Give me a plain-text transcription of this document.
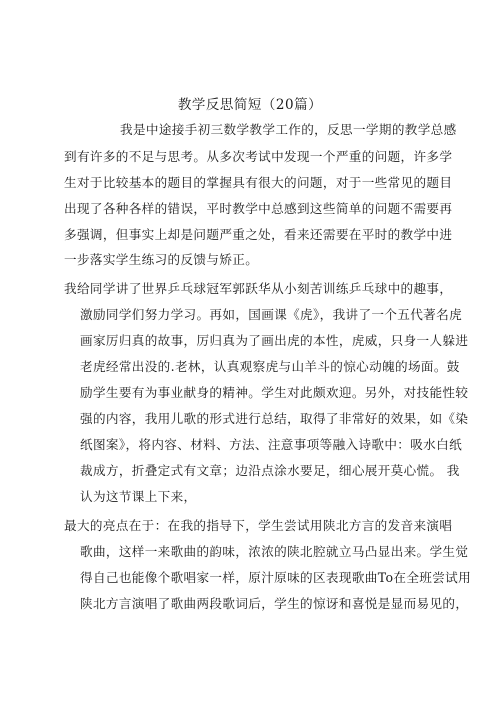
教学反思简短（20篇）
我是中途接手初三数学教学工作的，反思一学期的教学总感
到有许多的不足与思考。从多次考试中发现一个严重的问题，许多学
生对于比较基本的题目的掌握具有很大的问题，对于一些常见的题目
出现了各种各样的错误，平时教学中总感到这些简单的问题不需要再
多强调，但事实上却是问题严重之处，看来还需要在平时的教学中进
一步落实学生练习的反馈与矫正。
我给同学讲了世界乒乓球冠军郭跃华从小刻苦训练乒乓球中的趣事，
激励同学们努力学习。再如，国画课《虎》，我讲了一个五代著名虎
画家厉归真的故事，厉归真为了画出虎的本性，虎威，只身一人躲进
老虎经常出没的.老林，认真观察虎与山羊斗的惊心动魄的场面。鼓
励学生要有为事业献身的精神。学生对此颇欢迎。另外，对技能性较
强的内容，我用儿歌的形式进行总结，取得了非常好的效果，如《染
纸图案》，将内容、材料、方法、注意事项等融入诗歌中：吸水白纸
裁成方，折叠定式有文章；边沿点涂水要足，细心展开莫心慌。 我
认为这节课上下来，
最大的亮点在于：在我的指导下，学生尝试用陕北方言的发音来演唱
歌曲，这样一来歌曲的韵味，浓浓的陕北腔就立马凸显出来。学生觉
得自己也能像个歌唱家一样，原汁原味的区表现歌曲To在全班尝试用
陕北方言演唱了歌曲两段歌词后，学生的惊讶和喜悦是显而易见的，
